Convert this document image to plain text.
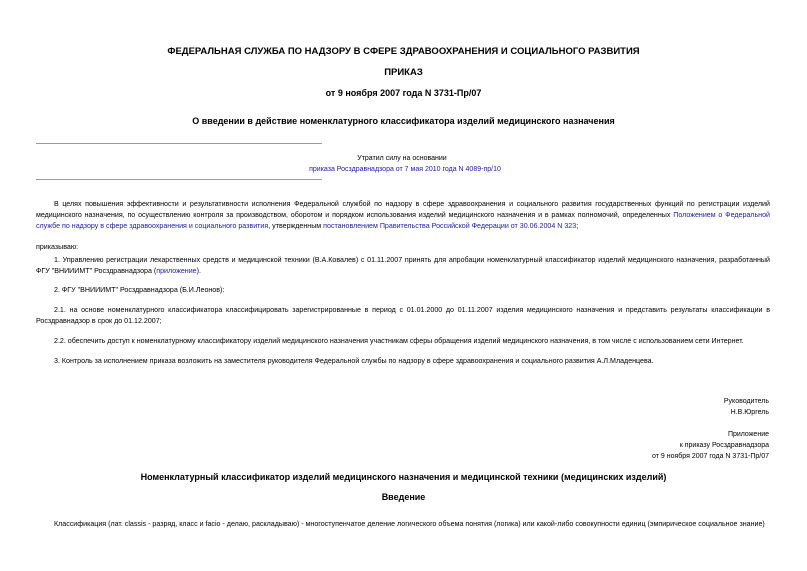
ФЕДЕРАЛЬНАЯ СЛУЖБА ПО НАДЗОРУ В СФЕРЕ ЗДРАВООХРАНЕНИЯ И СОЦИАЛЬНОГО РАЗВИТИЯ
ПРИКАЗ
от 9 ноября 2007 года N 3731-Пр/07
О введении в действие номенклатурного классификатора изделий медицинского назначения
Утратил силу на основании
приказа Росздравнадзора от 7 мая 2010 года N 4089-пр/10
В целях повышения эффективности и результативности исполнения Федеральной службой по надзору в сфере здравоохранения и социального развития государственных функций по регистрации изделий медицинского назначения, по осуществлению контроля за производством, оборотом и порядком использования изделий медицинского назначения и в рамках полномочий, определенных Положением о Федеральной службе по надзору в сфере здравоохранения и социального развития, утвержденным постановлением Правительства Российской Федерации от 30.06.2004 N 323;
приказываю:
1. Управлению регистрации лекарственных средств и медицинской техники (В.А.Ковалев) с 01.11.2007 принять для апробации номенклатурный классификатор изделий медицинского назначения, разработанный ФГУ "ВНИИИМТ" Росздравнадзора (приложение).
2. ФГУ "ВНИИИМТ" Росздравнадзора (Б.И.Леонов):
2.1. на основе номенклатурного классификатора классифицировать зарегистрированные в период с 01.01.2000 до 01.11.2007 изделия медицинского назначения и представить результаты классификации в Росздравнадзор в срок до 01.12.2007;
2.2. обеспечить доступ к номенклатурному классификатору изделий медицинского назначения участникам сферы обращения изделий медицинского назначения, в том числе с использованием сети Интернет.
3. Контроль за исполнением приказа возложить на заместителя руководителя Федеральной службы по надзору в сфере здравоохранения и социального развития А.Л.Младенцева.
Руководитель
Н.В.Юргель
Приложение
к приказу Росздравнадзора
от 9 ноября 2007 года N 3731-Пр/07
Номенклатурный классификатор изделий медицинского назначения и медицинской техники (медицинских изделий)
Введение
Классификация (лат. classis - разряд, класс и facio - делаю, раскладываю) - многоступенчатое деление логического объема понятия (логика) или какой-либо совокупности единиц (эмпирическое социальное знание)
